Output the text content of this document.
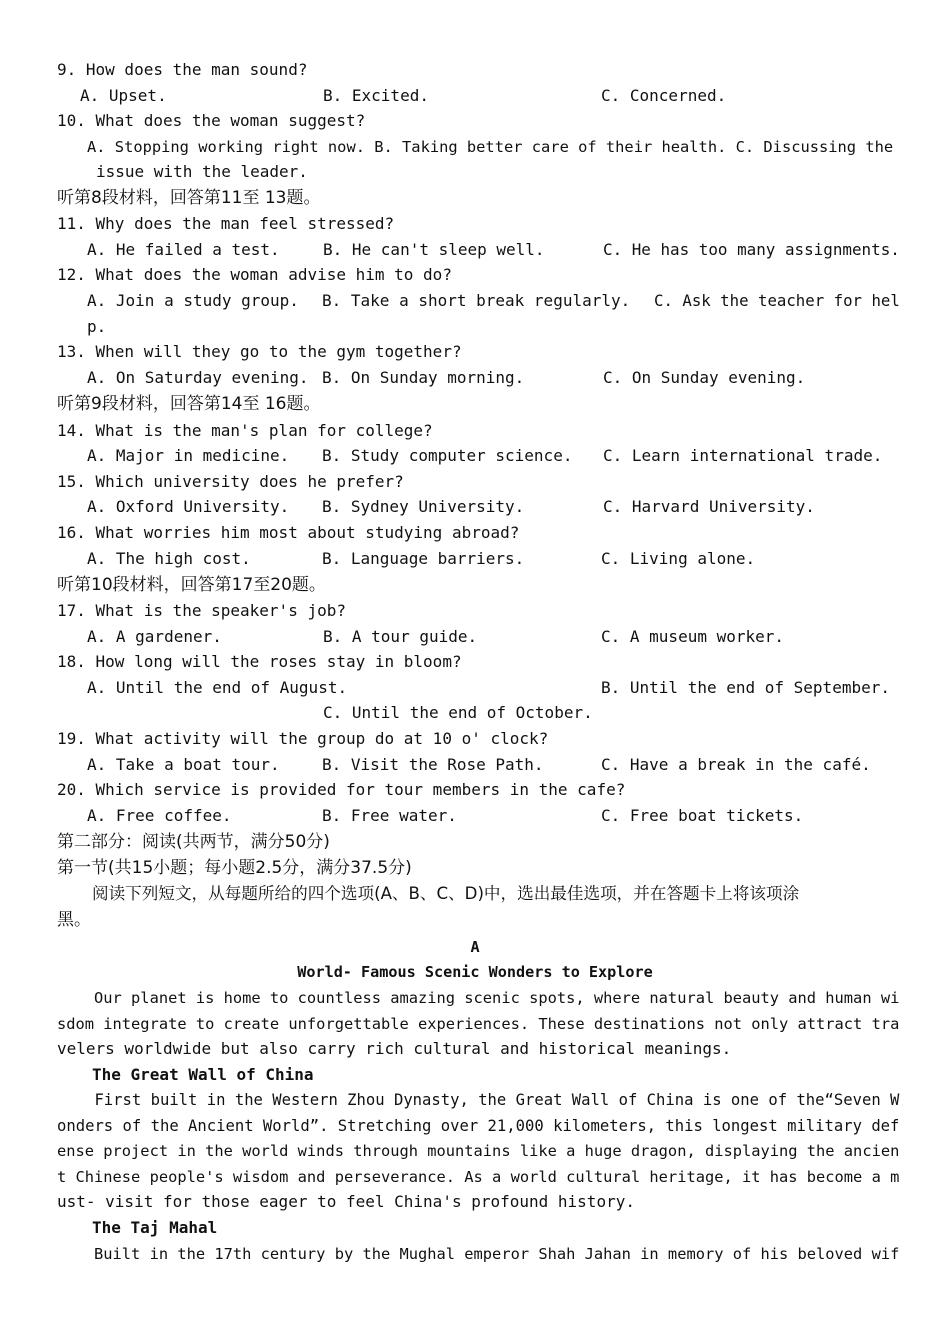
9. How does the man sound?
A. Upset.	B. Excited.	C. Concerned.
10. What does the woman suggest?
A. Stopping working right now. B. Taking better care of their health. C. Discussing the
issue with the leader.
听第8段材料，回答第11至 13题。
11. Why does the man feel stressed?
A. He failed a test.	B. He can't sleep well.	C. He has too many assignments.
12. What does the woman advise him to do?
A. Join a study group. B. Take a short break regularly. C. Ask the teacher for hel
p.
13. When will they go to the gym together?
A. On Saturday evening. B. On Sunday morning.	C. On Sunday evening.
听第9段材料，回答第14至 16题。
14. What is the man's plan for college?
A. Major in medicine. B. Study computer science. C. Learn international trade.
15. Which university does he prefer?
A. Oxford University. B. Sydney University.	C. Harvard University.
16. What worries him most about studying abroad?
A. The high cost.	B. Language barriers.	C. Living alone.
听第10段材料，回答第17至20题。
17. What is the speaker's job?
A. A gardener.	B. A tour guide.	C. A museum worker.
18. How long will the roses stay in bloom?
A. Until the end of August.	B. Until the end of September.
C. Until the end of October.
19. What activity will the group do at 10 o' clock?
A. Take a boat tour.	B. Visit the Rose Path.	C. Have a break in the café.
20. Which service is provided for tour members in the cafe?
A. Free coffee.	B. Free water.	C. Free boat tickets.
第二部分：阅读(共两节，满分50分)
第一节(共15小题；每小题2.5分，满分37.5分)
阅读下列短文，从每题所给的四个选项(A、B、C、D)中，选出最佳选项，并在答题卡上将该项涂
黑。
A
World- Famous Scenic Wonders to Explore
Our planet is home to countless amazing scenic spots, where natural beauty and human wi
sdom integrate to create unforgettable experiences. These destinations not only attract tra
velers worldwide but also carry rich cultural and historical meanings.
The Great Wall of China
First built in the Western Zhou Dynasty, the Great Wall of China is one of the“Seven W
onders of the Ancient World”. Stretching over 21,000 kilometers, this longest military def
ense project in the world winds through mountains like a huge dragon, displaying the ancien
t Chinese people's wisdom and perseverance. As a world cultural heritage, it has become a m
ust- visit for those eager to feel China's profound history.
The Taj Mahal
Built in the 17th century by the Mughal emperor Shah Jahan in memory of his beloved wif
